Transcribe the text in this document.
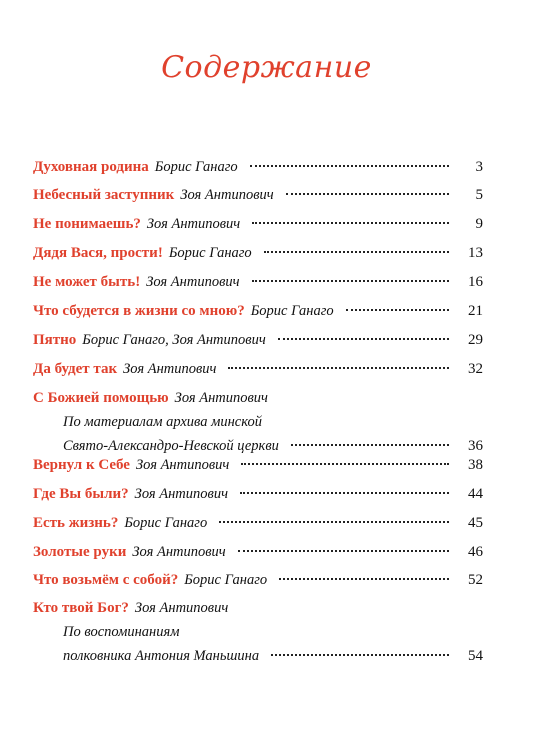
Содержание
Духовная родина Борис Ганаго	3
Небесный заступник Зоя Антипович	5
Не понимаешь? Зоя Антипович	9
Дядя Вася, прости! Борис Ганаго	13
Не может быть! Зоя Антипович	16
Что сбудется в жизни со мною? Борис Ганаго	21
Пятно Борис Ганаго, Зоя Антипович	29
Да будет так Зоя Антипович	32
С Божией помощью Зоя Антипович
По материалам архива минской
Свято-Александро-Невской церкви	36
Вернул к Себе Зоя Антипович	38
Где Вы были? Зоя Антипович	44
Есть жизнь? Борис Ганаго	45
Золотые руки Зоя Антипович	46
Что возьмём с собой? Борис Ганаго	52
Кто твой Бог? Зоя Антипович
По воспоминаниям
полковника Антония Маньшина	54
